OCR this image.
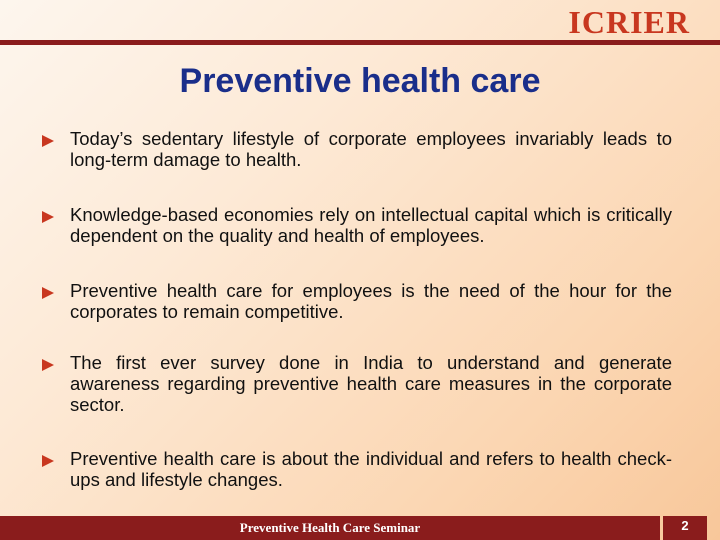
ICRIER
Preventive health care
Today’s sedentary lifestyle of corporate employees invariably leads to long-term damage to health.
Knowledge-based economies rely on intellectual capital which is critically dependent on the quality and health of employees.
Preventive health care for employees is the need of the hour for the corporates to remain competitive.
The first ever survey done in India to understand and generate awareness regarding preventive health care measures in the corporate sector.
Preventive health care is about the individual and refers to health check-ups and lifestyle changes.
Preventive Health Care Seminar	2
